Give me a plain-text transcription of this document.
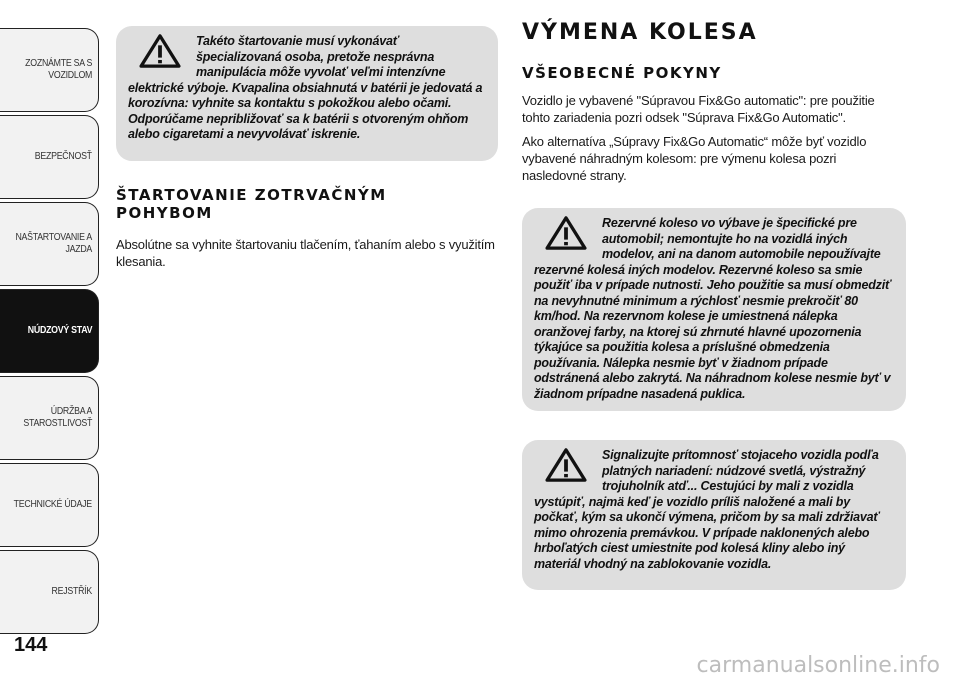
ZOZNÁMTE SA S
VOZIDLOM
BEZPEČNOSŤ
NAŠTARTOVANIE A
JAZDA
NÚDZOVÝ STAV
ÚDRŽBA A
STAROSTLIVOSŤ
TECHNICKÉ ÚDAJE
REJSTŘÍK
144

Takéto štartovanie musí vykonávať špecializovaná osoba, pretože nesprávna manipulácia môže vyvolať veľmi intenzívne elektrické výboje. Kvapalina obsiahnutá v batérii je jedovatá a korozívna: vyhnite sa kontaktu s pokožkou alebo očami. Odporúčame nepribližovať sa k batérii s otvoreným ohňom alebo cigaretami a nevyvolávať iskrenie.

ŠTARTOVANIE ZOTRVAČNÝM POHYBOM

Absolútne sa vyhnite štartovaniu tlačením, ťahaním alebo s využitím klesania.

VÝMENA KOLESA
VŠEOBECNÉ POKYNY

Vozidlo je vybavené "Súpravou Fix&Go automatic": pre použitie tohto zariadenia pozri odsek "Súprava Fix&Go Automatic".

Ako alternatíva „Súpravy Fix&Go Automatic“ môže byť vozidlo vybavené náhradným kolesom: pre výmenu kolesa pozri nasledovné strany.

Rezervné koleso vo výbave je špecifické pre automobil; nemontujte ho na vozidlá iných modelov, ani na danom automobile nepoužívajte rezervné kolesá iných modelov. Rezervné koleso sa smie použiť iba v prípade nutnosti. Jeho použitie sa musí obmedziť na nevyhnutné minimum a rýchlosť nesmie prekročiť 80 km/hod. Na rezervnom kolese je umiestnená nálepka oranžovej farby, na ktorej sú zhrnuté hlavné upozornenia týkajúce sa použitia kolesa a príslušné obmedzenia používania. Nálepka nesmie byť v žiadnom prípade odstránená alebo zakrytá. Na náhradnom kolese nesmie byť v žiadnom prípadne nasadená puklica.

Signalizujte prítomnosť stojaceho vozidla podľa platných nariadení: núdzové svetlá, výstražný trojuholník atď... Cestujúci by mali z vozidla vystúpiť, najmä keď je vozidlo príliš naložené a mali by počkať, kým sa ukončí výmena, pričom by sa mali zdržiavať mimo ohrozenia premávkou. V prípade naklonených alebo hrboľatých ciest umiestnite pod kolesá kliny alebo iný materiál vhodný na zablokovanie vozidla.

carmanualsonline.info
